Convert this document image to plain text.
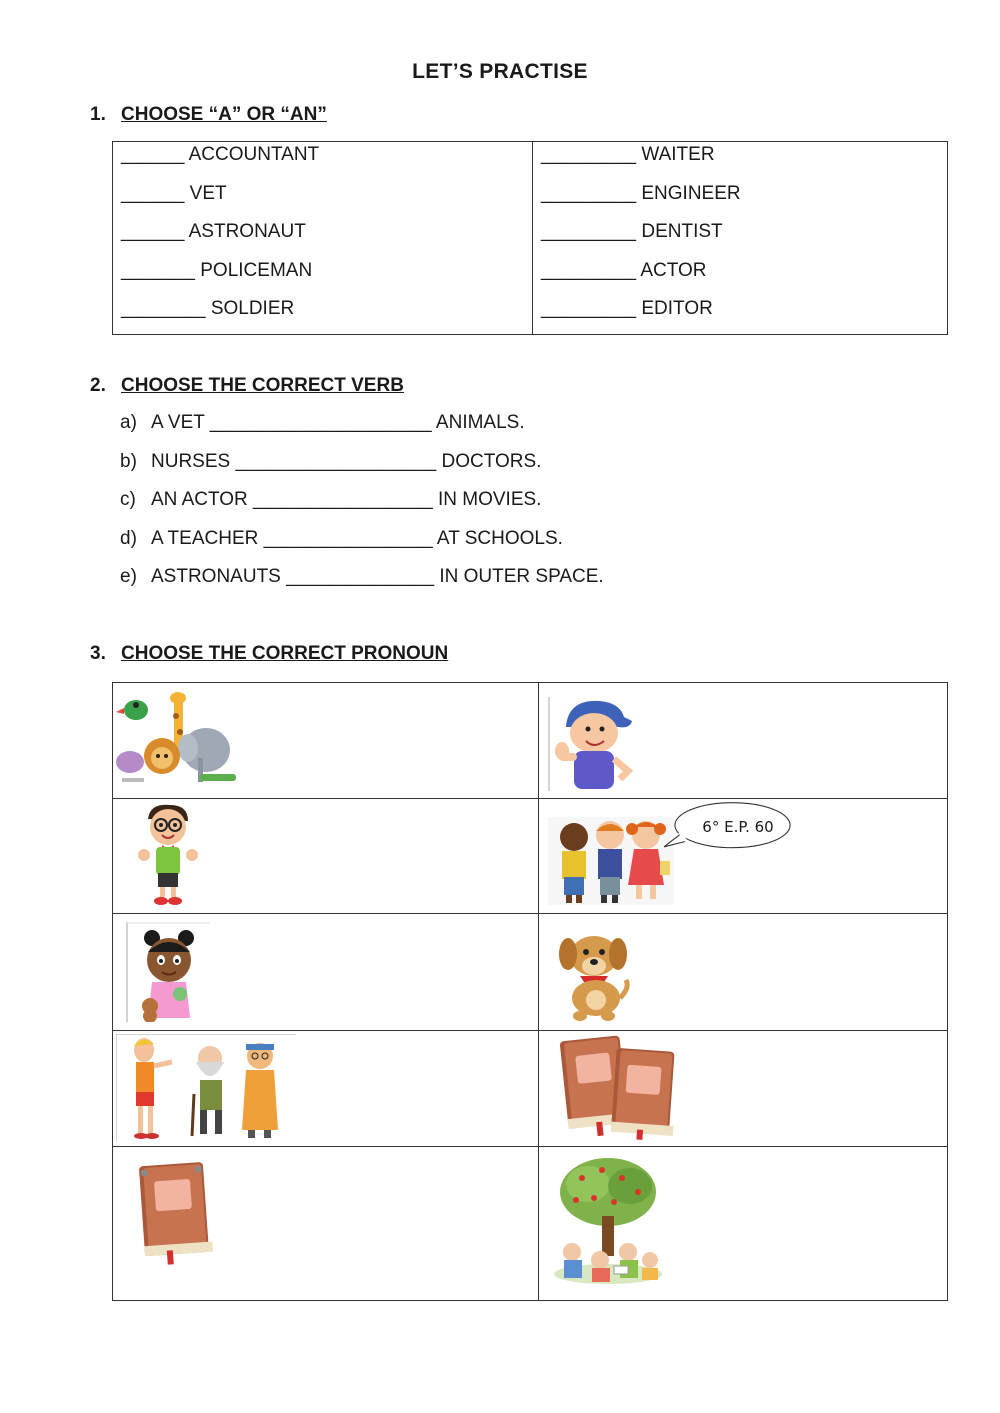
LET’S PRACTISE
1. CHOOSE “A” OR “AN”
______ ACCOUNTANT
______ VET
______ ASTRONAUT
_______ POLICEMAN
________ SOLDIER
_________ WAITER
_________ ENGINEER
_________ DENTIST
_________ ACTOR
_________ EDITOR
2. CHOOSE THE CORRECT VERB
a) A VET _____________________ ANIMALS.
b) NURSES ___________________ DOCTORS.
c) AN ACTOR _________________ IN MOVIES.
d) A TEACHER ________________ AT SCHOOLS.
e) ASTRONAUTS ______________ IN OUTER SPACE.
3. CHOOSE THE CORRECT PRONOUN
6° E.P. 60
